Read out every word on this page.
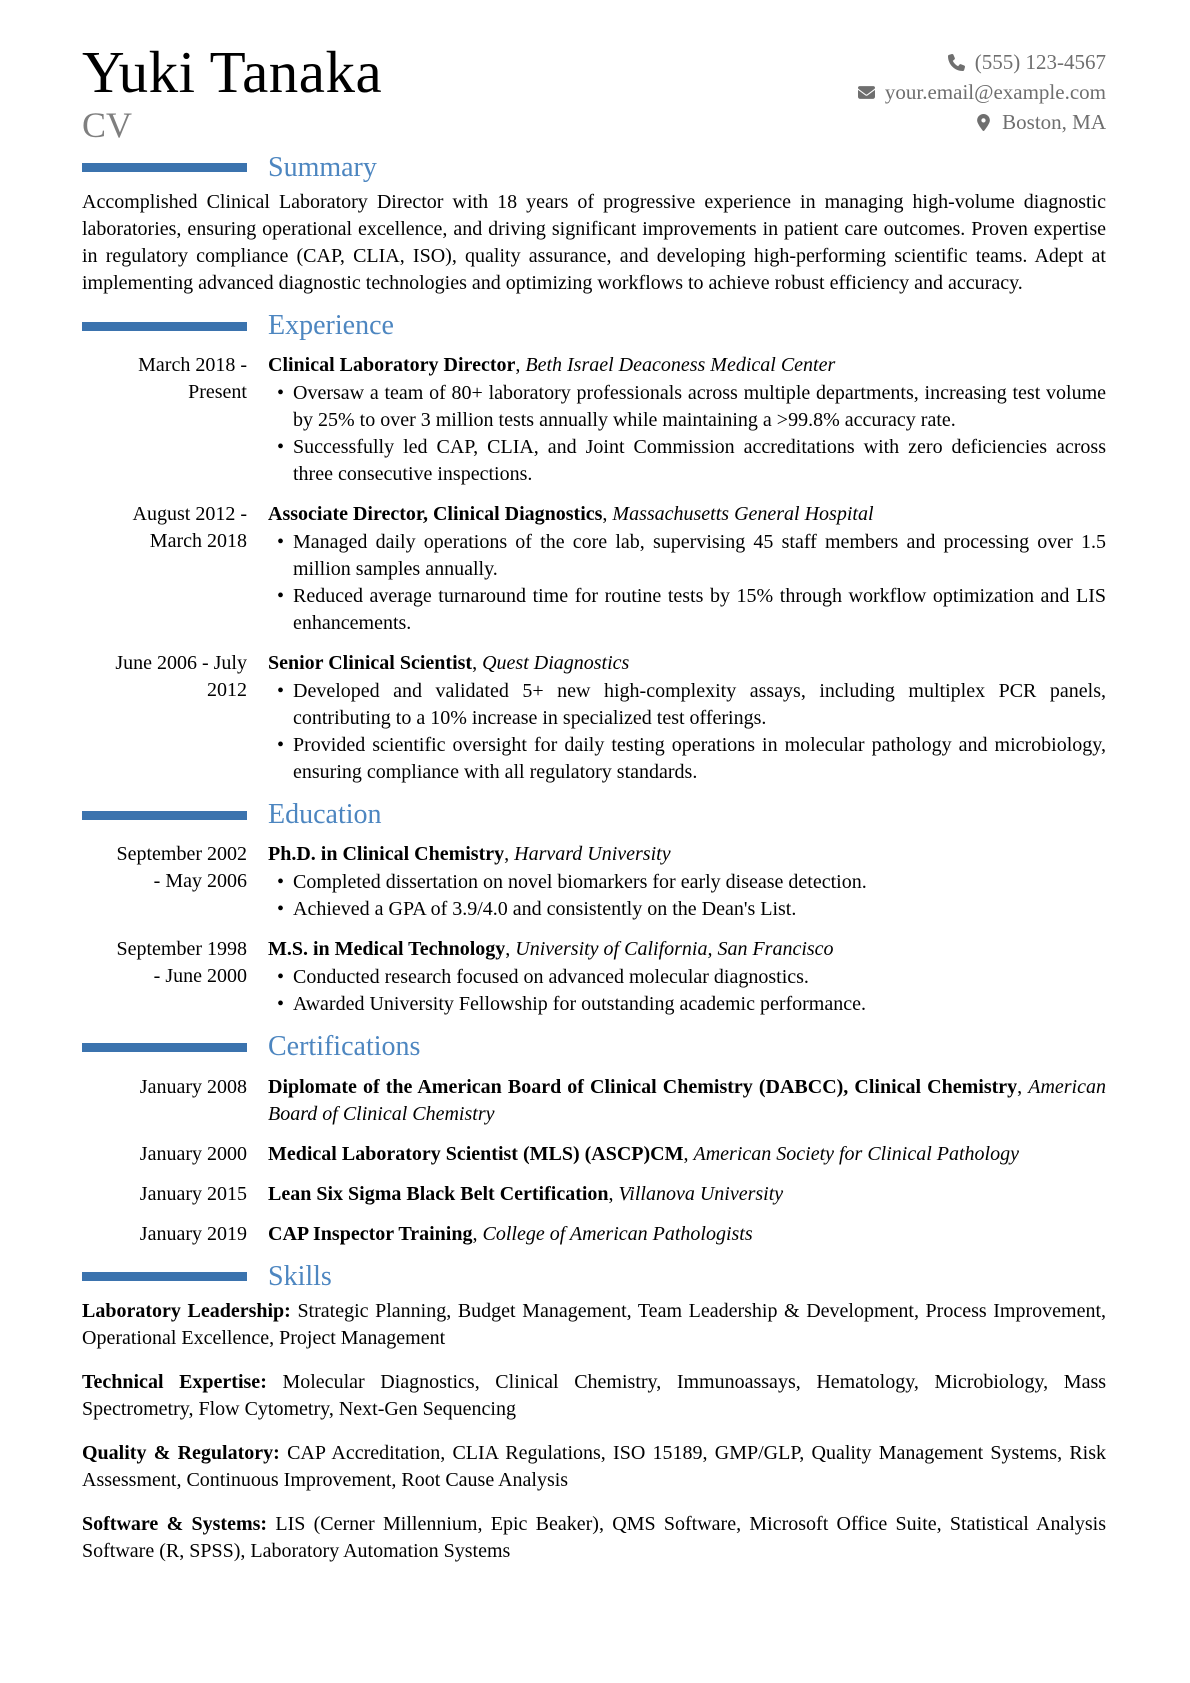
Yuki Tanaka
CV
(555) 123-4567
your.email@example.com
Boston, MA
Summary

Accomplished Clinical Laboratory Director with 18 years of progressive experience in managing high-volume diagnostic laboratories, ensuring operational excellence, and driving significant improvements in patient care outcomes. Proven expertise in regulatory compliance (CAP, CLIA, ISO), quality assurance, and developing high-performing scientific teams. Adept at implementing advanced diagnostic technologies and optimizing workflows to achieve robust efficiency and accuracy.

Experience
March 2018 - Present

Clinical Laboratory Director, Beth Israel Deaconess Medical Center

• Oversaw a team of 80+ laboratory professionals across multiple departments, increasing test volume by 25% to over 3 million tests annually while maintaining a >99.8% accuracy rate.
• Successfully led CAP, CLIA, and Joint Commission accreditations with zero deficiencies across three consecutive inspections.
August 2012 - March 2018

Associate Director, Clinical Diagnostics, Massachusetts General Hospital

• Managed daily operations of the core lab, supervising 45 staff members and processing over 1.5 million samples annually.
• Reduced average turnaround time for routine tests by 15% through workflow optimization and LIS enhancements.
June 2006 - July 2012

Senior Clinical Scientist, Quest Diagnostics

• Developed and validated 5+ new high-complexity assays, including multiplex PCR panels, contributing to a 10% increase in specialized test offerings.
• Provided scientific oversight for daily testing operations in molecular pathology and microbiology, ensuring compliance with all regulatory standards.
Education
September 2002 - May 2006

Ph.D. in Clinical Chemistry, Harvard University

• Completed dissertation on novel biomarkers for early disease detection.
• Achieved a GPA of 3.9/4.0 and consistently on the Dean's List.
September 1998 - June 2000

M.S. in Medical Technology, University of California, San Francisco

• Conducted research focused on advanced molecular diagnostics.
• Awarded University Fellowship for outstanding academic performance.
Certifications
January 2008 Diplomate of the American Board of Clinical Chemistry (DABCC), Clinical Chemistry, American Board of Clinical Chemistry

January 2000 Medical Laboratory Scientist (MLS) (ASCP)CM, American Society for Clinical Pathology

January 2015 Lean Six Sigma Black Belt Certification, Villanova University

January 2019 CAP Inspector Training, College of American Pathologists

Skills

Laboratory Leadership: Strategic Planning, Budget Management, Team Leadership & Development, Process Improvement, Operational Excellence, Project Management

Technical Expertise: Molecular Diagnostics, Clinical Chemistry, Immunoassays, Hematology, Microbiology, Mass Spectrometry, Flow Cytometry, Next-Gen Sequencing

Quality & Regulatory: CAP Accreditation, CLIA Regulations, ISO 15189, GMP/GLP, Quality Management Systems, Risk Assessment, Continuous Improvement, Root Cause Analysis

Software & Systems: LIS (Cerner Millennium, Epic Beaker), QMS Software, Microsoft Office Suite, Statistical Analysis Software (R, SPSS), Laboratory Automation Systems
